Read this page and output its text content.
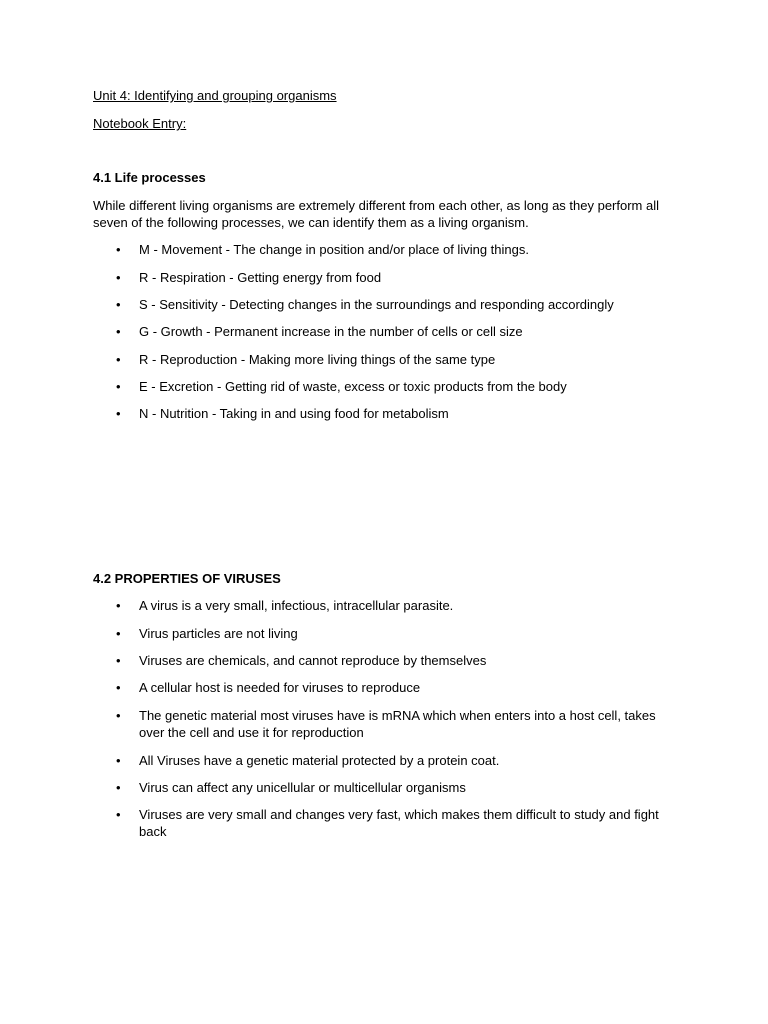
Unit 4: Identifying and grouping organisms
Notebook Entry:
4.1 Life processes
While different living organisms are extremely different from each other, as long as they perform all
seven of the following processes, we can identify them as a living organism.
• M - Movement - The change in position and/or place of living things.
• R - Respiration - Getting energy from food
• S - Sensitivity - Detecting changes in the surroundings and responding accordingly
• G - Growth - Permanent increase in the number of cells or cell size
• R - Reproduction - Making more living things of the same type
• E - Excretion - Getting rid of waste, excess or toxic products from the body
• N - Nutrition - Taking in and using food for metabolism
4.2 PROPERTIES OF VIRUSES
• A virus is a very small, infectious, intracellular parasite.
• Virus particles are not living
• Viruses are chemicals, and cannot reproduce by themselves
• A cellular host is needed for viruses to reproduce
• The genetic material most viruses have is mRNA which when enters into a host cell, takes over the cell and use it for reproduction
• All Viruses have a genetic material protected by a protein coat.
• Virus can affect any unicellular or multicellular organisms
• Viruses are very small and changes very fast, which makes them difficult to study and fight back
